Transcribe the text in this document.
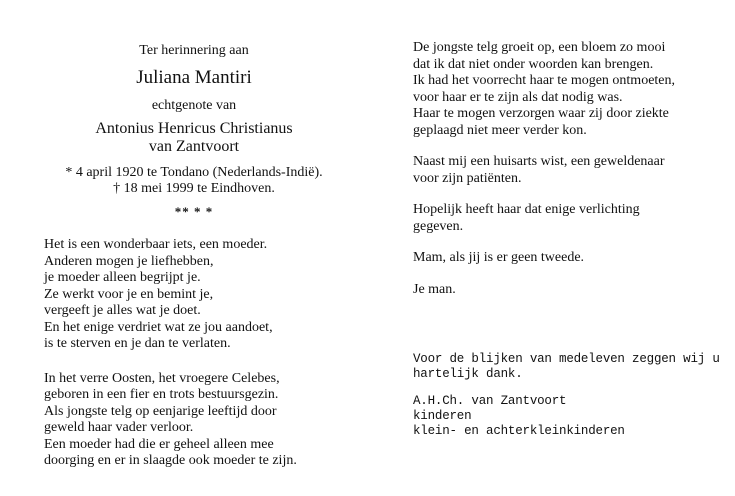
Ter herinnering aan
Juliana Mantiri
echtgenote van
Antonius Henricus Christianus
van Zantvoort
* 4 april 1920 te Tondano (Nederlands-Indië).
† 18 mei 1999 te Eindhoven.
** * *
Het is een wonderbaar iets, een moeder.
Anderen mogen je liefhebben,
je moeder alleen begrijpt je.
Ze werkt voor je en bemint je,
vergeeft je alles wat je doet.
En het enige verdriet wat ze jou aandoet,
is te sterven en je dan te verlaten.
In het verre Oosten, het vroegere Celebes,
geboren in een fier en trots bestuursgezin.
Als jongste telg op eenjarige leeftijd door
geweld haar vader verloor.
Een moeder had die er geheel alleen mee
doorging en er in slaagde ook moeder te zijn.

De jongste telg groeit op, een bloem zo mooi
dat ik dat niet onder woorden kan brengen.
Ik had het voorrecht haar te mogen ontmoeten,
voor haar er te zijn als dat nodig was.
Haar te mogen verzorgen waar zij door ziekte
geplaagd niet meer verder kon.

Naast mij een huisarts wist, een geweldenaar
voor zijn patiënten.

Hopelijk heeft haar dat enige verlichting
gegeven.

Mam, als jij is er geen tweede.

Je man.

Voor de blijken van medeleven zeggen wij u
hartelijk dank.

A.H.Ch. van Zantvoort

kinderen

klein- en achterkleinkinderen
